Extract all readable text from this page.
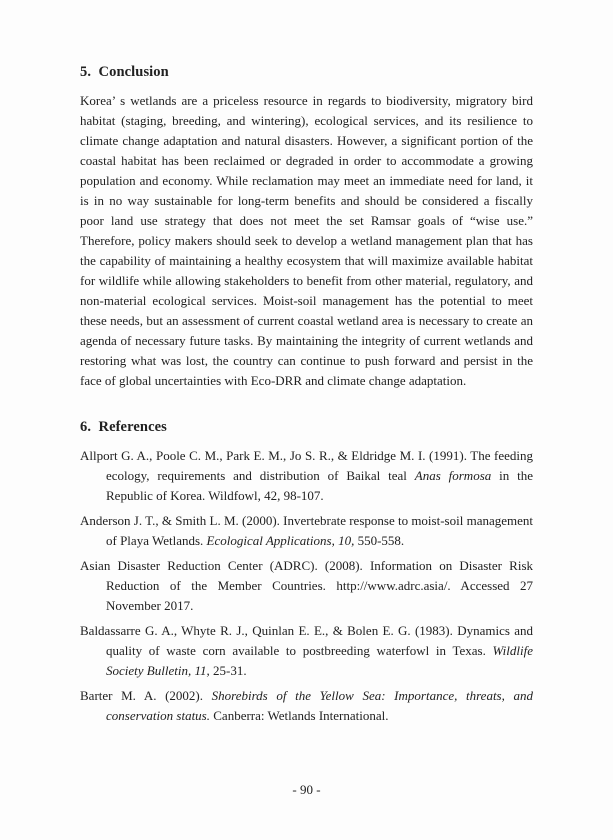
5.  Conclusion

Korea’ s wetlands are a priceless resource in regards to biodiversity, migratory bird habitat (staging, breeding, and wintering), ecological services, and its resilience to climate change adaptation and natural disasters. However, a significant portion of the coastal habitat has been reclaimed or degraded in order to accommodate a growing population and economy. While reclamation may meet an immediate need for land, it is in no way sustainable for long-term benefits and should be considered a fiscally poor land use strategy that does not meet the set Ramsar goals of “wise use.” Therefore, policy makers should seek to develop a wetland management plan that has the capability of maintaining a healthy ecosystem that will maximize available habitat for wildlife while allowing stakeholders to benefit from other material, regulatory, and non-material ecological services. Moist-soil management has the potential to meet these needs, but an assessment of current coastal wetland area is necessary to create an agenda of necessary future tasks. By maintaining the integrity of current wetlands and restoring what was lost, the country can continue to push forward and persist in the face of global uncertainties with Eco-DRR and climate change adaptation.

6.  References

Allport G. A., Poole C. M., Park E. M., Jo S. R., & Eldridge M. I. (1991). The feeding ecology, requirements and distribution of Baikal teal Anas formosa in the Republic of Korea. Wildfowl, 42, 98-107.

Anderson J. T., & Smith L. M. (2000). Invertebrate response to moist-soil management of Playa Wetlands. Ecological Applications, 10, 550-558.

Asian Disaster Reduction Center (ADRC). (2008). Information on Disaster Risk Reduction of the Member Countries. http://www.adrc.asia/. Accessed 27 November 2017.

Baldassarre G. A., Whyte R. J., Quinlan E. E., & Bolen E. G. (1983). Dynamics and quality of waste corn available to postbreeding waterfowl in Texas. Wildlife Society Bulletin, 11, 25-31.

Barter M. A. (2002). Shorebirds of the Yellow Sea: Importance, threats, and conservation status. Canberra: Wetlands International.

- 90 -
